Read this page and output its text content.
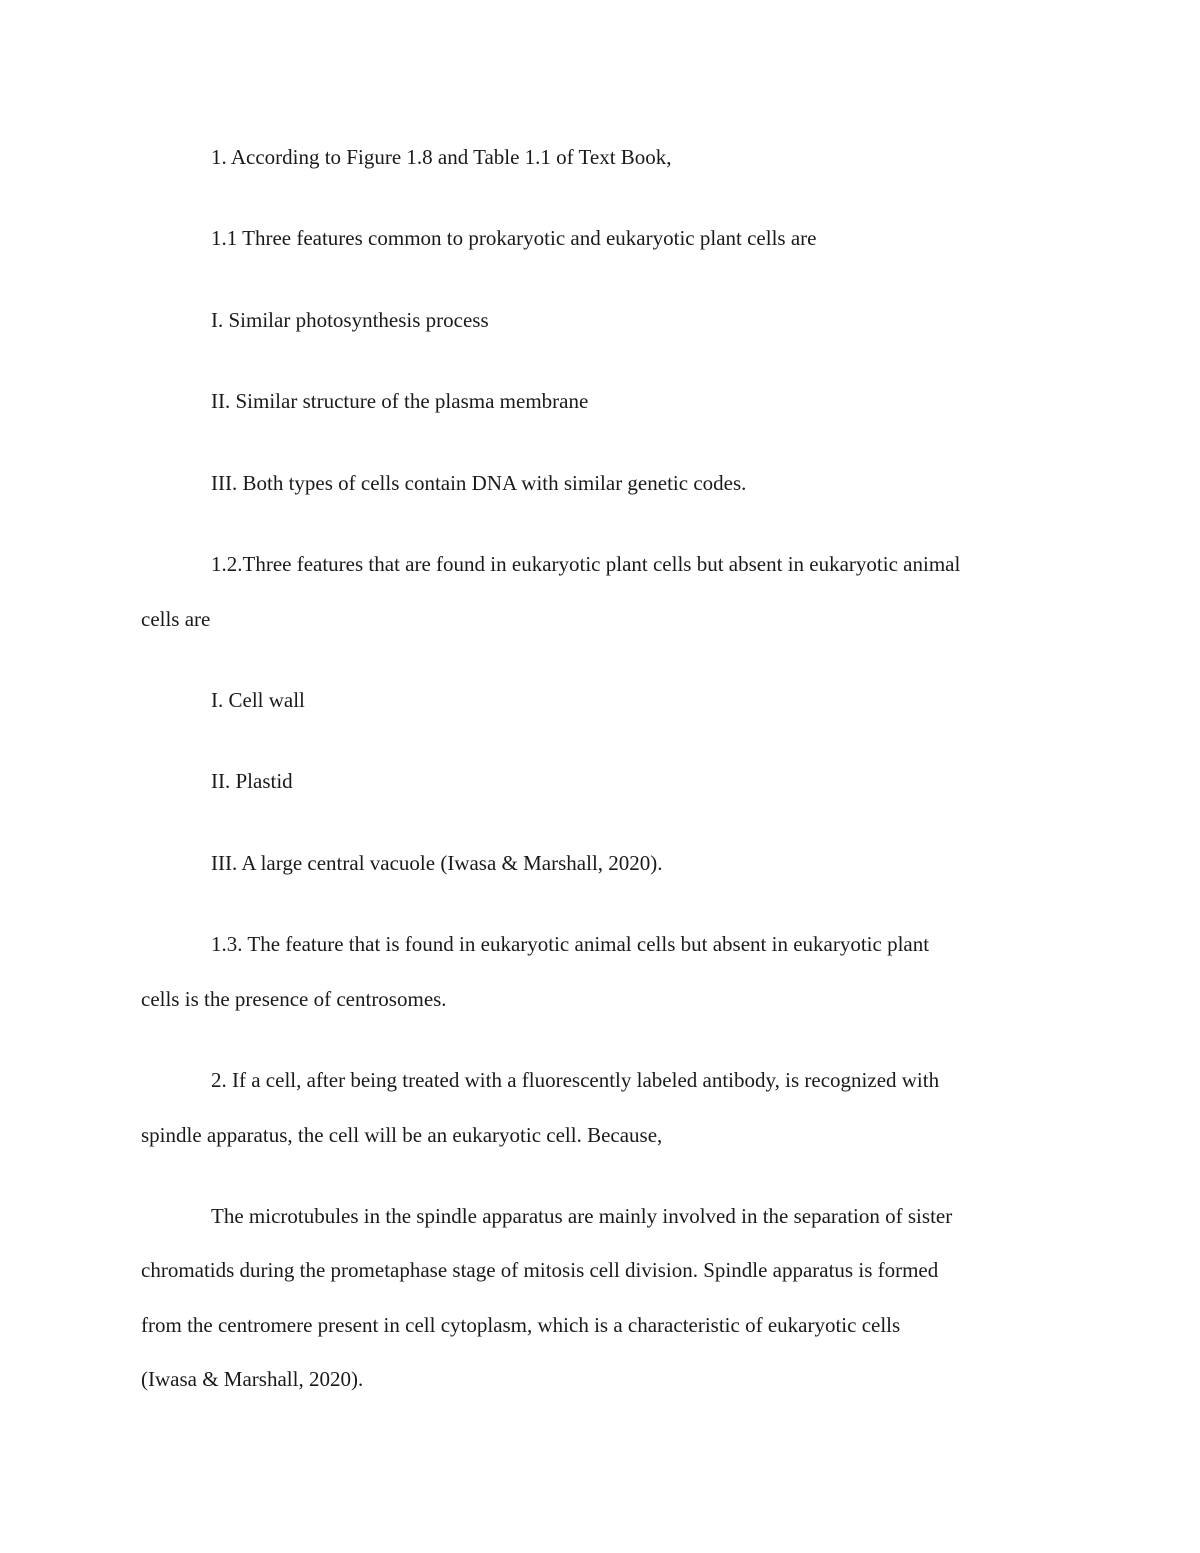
1. According to Figure 1.8 and Table 1.1 of Text Book,
1.1 Three features common to prokaryotic and eukaryotic plant cells are
I. Similar photosynthesis process
II. Similar structure of the plasma membrane
III. Both types of cells contain DNA with similar genetic codes.
1.2.Three features that are found in eukaryotic plant cells but absent in eukaryotic animal
cells are
I. Cell wall
II. Plastid
III. A large central vacuole (Iwasa & Marshall, 2020).
1.3. The feature that is found in eukaryotic animal cells but absent in eukaryotic plant
cells is the presence of centrosomes.
2. If a cell, after being treated with a fluorescently labeled antibody, is recognized with
spindle apparatus, the cell will be an eukaryotic cell. Because,
The microtubules in the spindle apparatus are mainly involved in the separation of sister
chromatids during the prometaphase stage of mitosis cell division. Spindle apparatus is formed
from the centromere present in cell cytoplasm, which is a characteristic of eukaryotic cells
(Iwasa & Marshall, 2020).
